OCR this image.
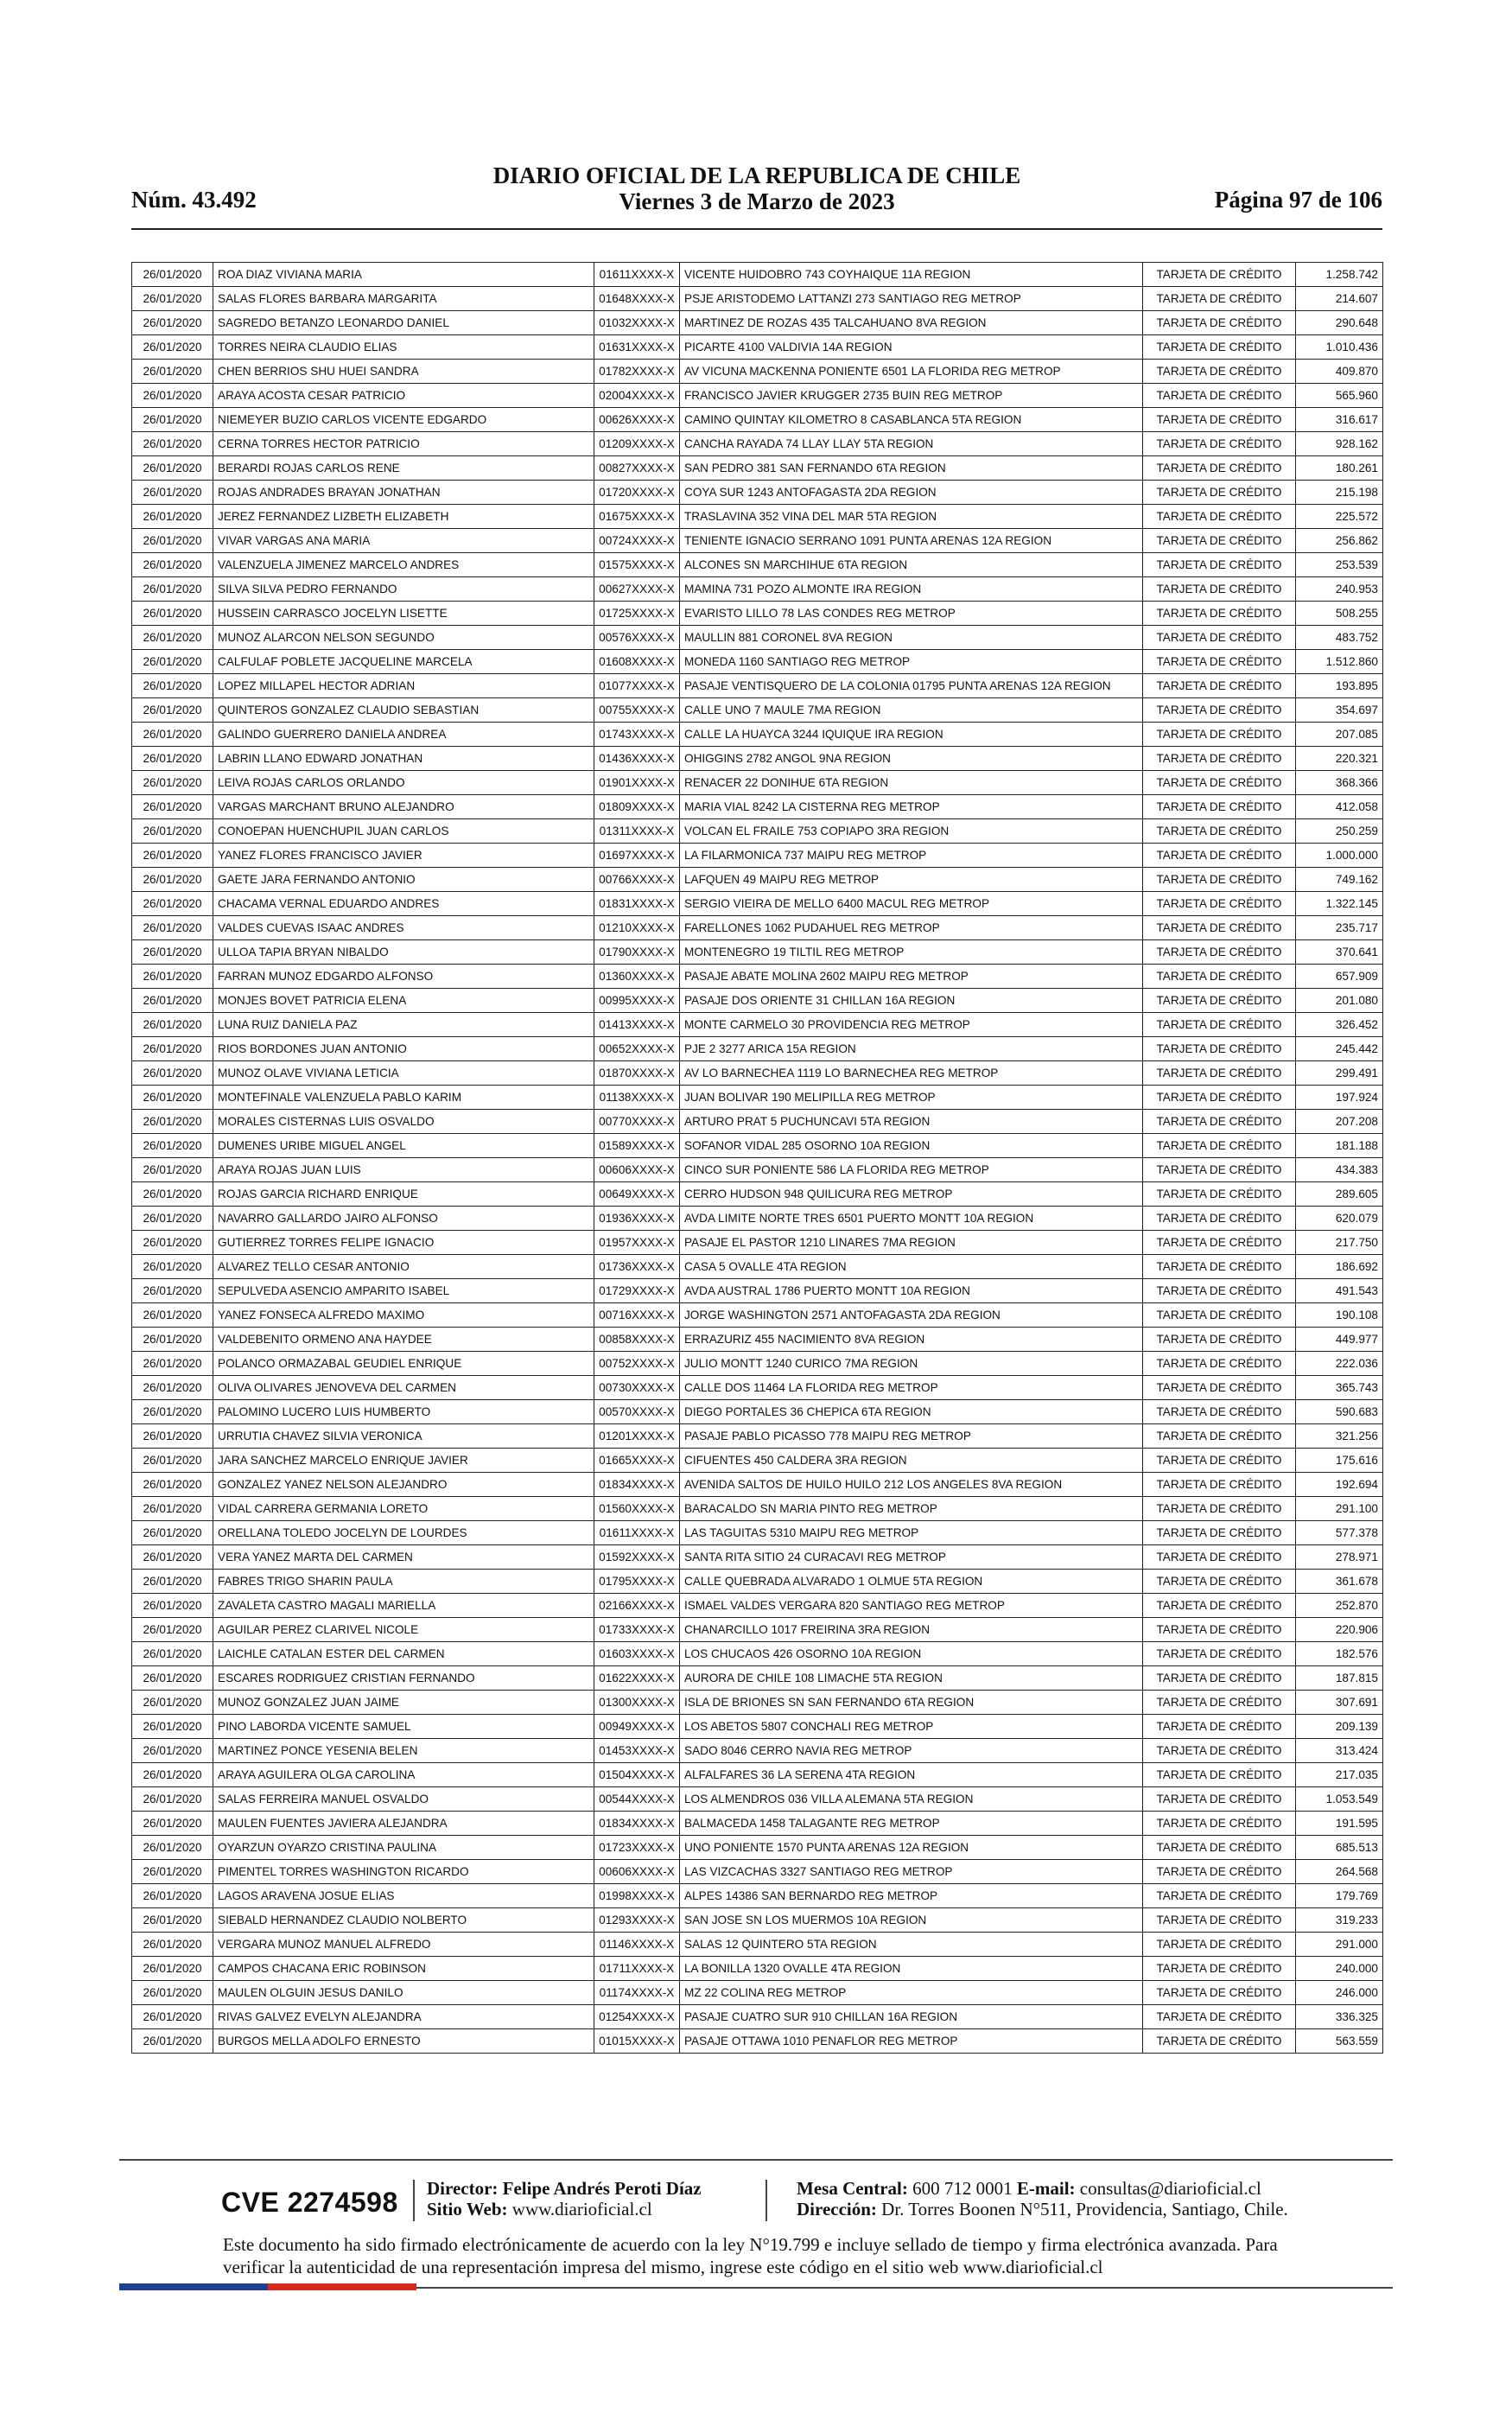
Núm. 43.492
DIARIO OFICIAL DE LA REPUBLICA DE CHILE
Viernes 3 de Marzo de 2023	Página 97 de 106
26/01/2020	ROA DIAZ VIVIANA MARIA	01611XXXX-X	VICENTE HUIDOBRO 743 COYHAIQUE 11A REGION	TARJETA DE CRÉDITO	1.258.742
26/01/2020	SALAS FLORES BARBARA MARGARITA	01648XXXX-X	PSJE ARISTODEMO LATTANZI 273 SANTIAGO REG METROP	TARJETA DE CRÉDITO	214.607
26/01/2020	SAGREDO BETANZO LEONARDO DANIEL	01032XXXX-X	MARTINEZ DE ROZAS 435 TALCAHUANO 8VA REGION	TARJETA DE CRÉDITO	290.648
26/01/2020	TORRES NEIRA CLAUDIO ELIAS	01631XXXX-X	PICARTE 4100 VALDIVIA 14A REGION	TARJETA DE CRÉDITO	1.010.436
26/01/2020	CHEN BERRIOS SHU HUEI SANDRA	01782XXXX-X	AV VICUNA MACKENNA PONIENTE 6501 LA FLORIDA REG METROP	TARJETA DE CRÉDITO	409.870
26/01/2020	ARAYA ACOSTA CESAR PATRICIO	02004XXXX-X	FRANCISCO JAVIER KRUGGER 2735 BUIN REG METROP	TARJETA DE CRÉDITO	565.960
26/01/2020	NIEMEYER BUZIO CARLOS VICENTE EDGARDO	00626XXXX-X	CAMINO QUINTAY KILOMETRO 8 CASABLANCA 5TA REGION	TARJETA DE CRÉDITO	316.617
26/01/2020	CERNA TORRES HECTOR PATRICIO	01209XXXX-X	CANCHA RAYADA 74 LLAY LLAY 5TA REGION	TARJETA DE CRÉDITO	928.162
26/01/2020	BERARDI ROJAS CARLOS RENE	00827XXXX-X	SAN PEDRO 381 SAN FERNANDO 6TA REGION	TARJETA DE CRÉDITO	180.261
26/01/2020	ROJAS ANDRADES BRAYAN JONATHAN	01720XXXX-X	COYA SUR 1243 ANTOFAGASTA 2DA REGION	TARJETA DE CRÉDITO	215.198
26/01/2020	JEREZ FERNANDEZ LIZBETH ELIZABETH	01675XXXX-X	TRASLAVINA 352 VINA DEL MAR 5TA REGION	TARJETA DE CRÉDITO	225.572
26/01/2020	VIVAR VARGAS ANA MARIA	00724XXXX-X	TENIENTE IGNACIO SERRANO 1091 PUNTA ARENAS 12A REGION	TARJETA DE CRÉDITO	256.862
26/01/2020	VALENZUELA JIMENEZ MARCELO ANDRES	01575XXXX-X	ALCONES SN MARCHIHUE 6TA REGION	TARJETA DE CRÉDITO	253.539
26/01/2020	SILVA SILVA PEDRO FERNANDO	00627XXXX-X	MAMINA 731 POZO ALMONTE IRA REGION	TARJETA DE CRÉDITO	240.953
26/01/2020	HUSSEIN CARRASCO JOCELYN LISETTE	01725XXXX-X	EVARISTO LILLO 78 LAS CONDES REG METROP	TARJETA DE CRÉDITO	508.255
26/01/2020	MUNOZ ALARCON NELSON SEGUNDO	00576XXXX-X	MAULLIN 881 CORONEL 8VA REGION	TARJETA DE CRÉDITO	483.752
26/01/2020	CALFULAF POBLETE JACQUELINE MARCELA	01608XXXX-X	MONEDA 1160 SANTIAGO REG METROP	TARJETA DE CRÉDITO	1.512.860
26/01/2020	LOPEZ MILLAPEL HECTOR ADRIAN	01077XXXX-X	PASAJE VENTISQUERO DE LA COLONIA 01795 PUNTA ARENAS 12A REGION	TARJETA DE CRÉDITO	193.895
26/01/2020	QUINTEROS GONZALEZ CLAUDIO SEBASTIAN	00755XXXX-X	CALLE UNO 7 MAULE 7MA REGION	TARJETA DE CRÉDITO	354.697
26/01/2020	GALINDO GUERRERO DANIELA ANDREA	01743XXXX-X	CALLE LA HUAYCA 3244 IQUIQUE IRA REGION	TARJETA DE CRÉDITO	207.085
26/01/2020	LABRIN LLANO EDWARD JONATHAN	01436XXXX-X	OHIGGINS 2782 ANGOL 9NA REGION	TARJETA DE CRÉDITO	220.321
26/01/2020	LEIVA ROJAS CARLOS ORLANDO	01901XXXX-X	RENACER 22 DONIHUE 6TA REGION	TARJETA DE CRÉDITO	368.366
26/01/2020	VARGAS MARCHANT BRUNO ALEJANDRO	01809XXXX-X	MARIA VIAL 8242 LA CISTERNA REG METROP	TARJETA DE CRÉDITO	412.058
26/01/2020	CONOEPAN HUENCHUPIL JUAN CARLOS	01311XXXX-X	VOLCAN EL FRAILE 753 COPIAPO 3RA REGION	TARJETA DE CRÉDITO	250.259
26/01/2020	YANEZ FLORES FRANCISCO JAVIER	01697XXXX-X	LA FILARMONICA 737 MAIPU REG METROP	TARJETA DE CRÉDITO	1.000.000
26/01/2020	GAETE JARA FERNANDO ANTONIO	00766XXXX-X	LAFQUEN 49 MAIPU REG METROP	TARJETA DE CRÉDITO	749.162
26/01/2020	CHACAMA VERNAL EDUARDO ANDRES	01831XXXX-X	SERGIO VIEIRA DE MELLO 6400 MACUL REG METROP	TARJETA DE CRÉDITO	1.322.145
26/01/2020	VALDES CUEVAS ISAAC ANDRES	01210XXXX-X	FARELLONES 1062 PUDAHUEL REG METROP	TARJETA DE CRÉDITO	235.717
26/01/2020	ULLOA TAPIA BRYAN NIBALDO	01790XXXX-X	MONTENEGRO 19 TILTIL REG METROP	TARJETA DE CRÉDITO	370.641
26/01/2020	FARRAN MUNOZ EDGARDO ALFONSO	01360XXXX-X	PASAJE ABATE MOLINA 2602 MAIPU REG METROP	TARJETA DE CRÉDITO	657.909
26/01/2020	MONJES BOVET PATRICIA ELENA	00995XXXX-X	PASAJE DOS ORIENTE 31 CHILLAN 16A REGION	TARJETA DE CRÉDITO	201.080
26/01/2020	LUNA RUIZ DANIELA PAZ	01413XXXX-X	MONTE CARMELO 30 PROVIDENCIA REG METROP	TARJETA DE CRÉDITO	326.452
26/01/2020	RIOS BORDONES JUAN ANTONIO	00652XXXX-X	PJE 2 3277 ARICA 15A REGION	TARJETA DE CRÉDITO	245.442
26/01/2020	MUNOZ OLAVE VIVIANA LETICIA	01870XXXX-X	AV LO BARNECHEA 1119 LO BARNECHEA REG METROP	TARJETA DE CRÉDITO	299.491
26/01/2020	MONTEFINALE VALENZUELA PABLO KARIM	01138XXXX-X	JUAN BOLIVAR 190 MELIPILLA REG METROP	TARJETA DE CRÉDITO	197.924
26/01/2020	MORALES CISTERNAS LUIS OSVALDO	00770XXXX-X	ARTURO PRAT 5 PUCHUNCAVI 5TA REGION	TARJETA DE CRÉDITO	207.208
26/01/2020	DUMENES URIBE MIGUEL ANGEL	01589XXXX-X	SOFANOR VIDAL 285 OSORNO 10A REGION	TARJETA DE CRÉDITO	181.188
26/01/2020	ARAYA ROJAS JUAN LUIS	00606XXXX-X	CINCO SUR PONIENTE 586 LA FLORIDA REG METROP	TARJETA DE CRÉDITO	434.383
26/01/2020	ROJAS GARCIA RICHARD ENRIQUE	00649XXXX-X	CERRO HUDSON 948 QUILICURA REG METROP	TARJETA DE CRÉDITO	289.605
26/01/2020	NAVARRO GALLARDO JAIRO ALFONSO	01936XXXX-X	AVDA LIMITE NORTE TRES 6501 PUERTO MONTT 10A REGION	TARJETA DE CRÉDITO	620.079
26/01/2020	GUTIERREZ TORRES FELIPE IGNACIO	01957XXXX-X	PASAJE EL PASTOR 1210 LINARES 7MA REGION	TARJETA DE CRÉDITO	217.750
26/01/2020	ALVAREZ TELLO CESAR ANTONIO	01736XXXX-X	CASA 5 OVALLE 4TA REGION	TARJETA DE CRÉDITO	186.692
26/01/2020	SEPULVEDA ASENCIO AMPARITO ISABEL	01729XXXX-X	AVDA AUSTRAL 1786 PUERTO MONTT 10A REGION	TARJETA DE CRÉDITO	491.543
26/01/2020	YANEZ FONSECA ALFREDO MAXIMO	00716XXXX-X	JORGE WASHINGTON 2571 ANTOFAGASTA 2DA REGION	TARJETA DE CRÉDITO	190.108
26/01/2020	VALDEBENITO ORMENO ANA HAYDEE	00858XXXX-X	ERRAZURIZ 455 NACIMIENTO 8VA REGION	TARJETA DE CRÉDITO	449.977
26/01/2020	POLANCO ORMAZABAL GEUDIEL ENRIQUE	00752XXXX-X	JULIO MONTT 1240 CURICO 7MA REGION	TARJETA DE CRÉDITO	222.036
26/01/2020	OLIVA OLIVARES JENOVEVA DEL CARMEN	00730XXXX-X	CALLE DOS 11464 LA FLORIDA REG METROP	TARJETA DE CRÉDITO	365.743
26/01/2020	PALOMINO LUCERO LUIS HUMBERTO	00570XXXX-X	DIEGO PORTALES 36 CHEPICA 6TA REGION	TARJETA DE CRÉDITO	590.683
26/01/2020	URRUTIA CHAVEZ SILVIA VERONICA	01201XXXX-X	PASAJE PABLO PICASSO 778 MAIPU REG METROP	TARJETA DE CRÉDITO	321.256
26/01/2020	JARA SANCHEZ MARCELO ENRIQUE JAVIER	01665XXXX-X	CIFUENTES 450 CALDERA 3RA REGION	TARJETA DE CRÉDITO	175.616
26/01/2020	GONZALEZ YANEZ NELSON ALEJANDRO	01834XXXX-X	AVENIDA SALTOS DE HUILO HUILO 212 LOS ANGELES 8VA REGION	TARJETA DE CRÉDITO	192.694
26/01/2020	VIDAL CARRERA GERMANIA LORETO	01560XXXX-X	BARACALDO SN MARIA PINTO REG METROP	TARJETA DE CRÉDITO	291.100
26/01/2020	ORELLANA TOLEDO JOCELYN DE LOURDES	01611XXXX-X	LAS TAGUITAS 5310 MAIPU REG METROP	TARJETA DE CRÉDITO	577.378
26/01/2020	VERA YANEZ MARTA DEL CARMEN	01592XXXX-X	SANTA RITA SITIO 24 CURACAVI REG METROP	TARJETA DE CRÉDITO	278.971
26/01/2020	FABRES TRIGO SHARIN PAULA	01795XXXX-X	CALLE QUEBRADA ALVARADO 1 OLMUE 5TA REGION	TARJETA DE CRÉDITO	361.678
26/01/2020	ZAVALETA CASTRO MAGALI MARIELLA	02166XXXX-X	ISMAEL VALDES VERGARA 820 SANTIAGO REG METROP	TARJETA DE CRÉDITO	252.870
26/01/2020	AGUILAR PEREZ CLARIVEL NICOLE	01733XXXX-X	CHANARCILLO 1017 FREIRINA 3RA REGION	TARJETA DE CRÉDITO	220.906
26/01/2020	LAICHLE CATALAN ESTER DEL CARMEN	01603XXXX-X	LOS CHUCAOS 426 OSORNO 10A REGION	TARJETA DE CRÉDITO	182.576
26/01/2020	ESCARES RODRIGUEZ CRISTIAN FERNANDO	01622XXXX-X	AURORA DE CHILE 108 LIMACHE 5TA REGION	TARJETA DE CRÉDITO	187.815
26/01/2020	MUNOZ GONZALEZ JUAN JAIME	01300XXXX-X	ISLA DE BRIONES SN SAN FERNANDO 6TA REGION	TARJETA DE CRÉDITO	307.691
26/01/2020	PINO LABORDA VICENTE SAMUEL	00949XXXX-X	LOS ABETOS 5807 CONCHALI REG METROP	TARJETA DE CRÉDITO	209.139
26/01/2020	MARTINEZ PONCE YESENIA BELEN	01453XXXX-X	SADO 8046 CERRO NAVIA REG METROP	TARJETA DE CRÉDITO	313.424
26/01/2020	ARAYA AGUILERA OLGA CAROLINA	01504XXXX-X	ALFALFARES 36 LA SERENA 4TA REGION	TARJETA DE CRÉDITO	217.035
26/01/2020	SALAS FERREIRA MANUEL OSVALDO	00544XXXX-X	LOS ALMENDROS 036 VILLA ALEMANA 5TA REGION	TARJETA DE CRÉDITO	1.053.549
26/01/2020	MAULEN FUENTES JAVIERA ALEJANDRA	01834XXXX-X	BALMACEDA 1458 TALAGANTE REG METROP	TARJETA DE CRÉDITO	191.595
26/01/2020	OYARZUN OYARZO CRISTINA PAULINA	01723XXXX-X	UNO PONIENTE 1570 PUNTA ARENAS 12A REGION	TARJETA DE CRÉDITO	685.513
26/01/2020	PIMENTEL TORRES WASHINGTON RICARDO	00606XXXX-X	LAS VIZCACHAS 3327 SANTIAGO REG METROP	TARJETA DE CRÉDITO	264.568
26/01/2020	LAGOS ARAVENA JOSUE ELIAS	01998XXXX-X	ALPES 14386 SAN BERNARDO REG METROP	TARJETA DE CRÉDITO	179.769
26/01/2020	SIEBALD HERNANDEZ CLAUDIO NOLBERTO	01293XXXX-X	SAN JOSE SN LOS MUERMOS 10A REGION	TARJETA DE CRÉDITO	319.233
26/01/2020	VERGARA MUNOZ MANUEL ALFREDO	01146XXXX-X	SALAS 12 QUINTERO 5TA REGION	TARJETA DE CRÉDITO	291.000
26/01/2020	CAMPOS CHACANA ERIC ROBINSON	01711XXXX-X	LA BONILLA 1320 OVALLE 4TA REGION	TARJETA DE CRÉDITO	240.000
26/01/2020	MAULEN OLGUIN JESUS DANILO	01174XXXX-X	MZ 22 COLINA REG METROP	TARJETA DE CRÉDITO	246.000
26/01/2020	RIVAS GALVEZ EVELYN ALEJANDRA	01254XXXX-X	PASAJE CUATRO SUR 910 CHILLAN 16A REGION	TARJETA DE CRÉDITO	336.325
26/01/2020	BURGOS MELLA ADOLFO ERNESTO	01015XXXX-X	PASAJE OTTAWA 1010 PENAFLOR REG METROP	TARJETA DE CRÉDITO	563.559
CVE 2274598 Director: Felipe Andrés Peroti Díaz
Sitio Web: www.diarioficial.cl
Mesa Central: 600 712 0001 E-mail: consultas@diarioficial.cl
Dirección: Dr. Torres Boonen N°511, Providencia, Santiago, Chile.
Este documento ha sido firmado electrónicamente de acuerdo con la ley N°19.799 e incluye sellado de tiempo y firma electrónica avanzada. Para verificar la autenticidad de una representación impresa del mismo, ingrese este código en el sitio web www.diarioficial.cl
